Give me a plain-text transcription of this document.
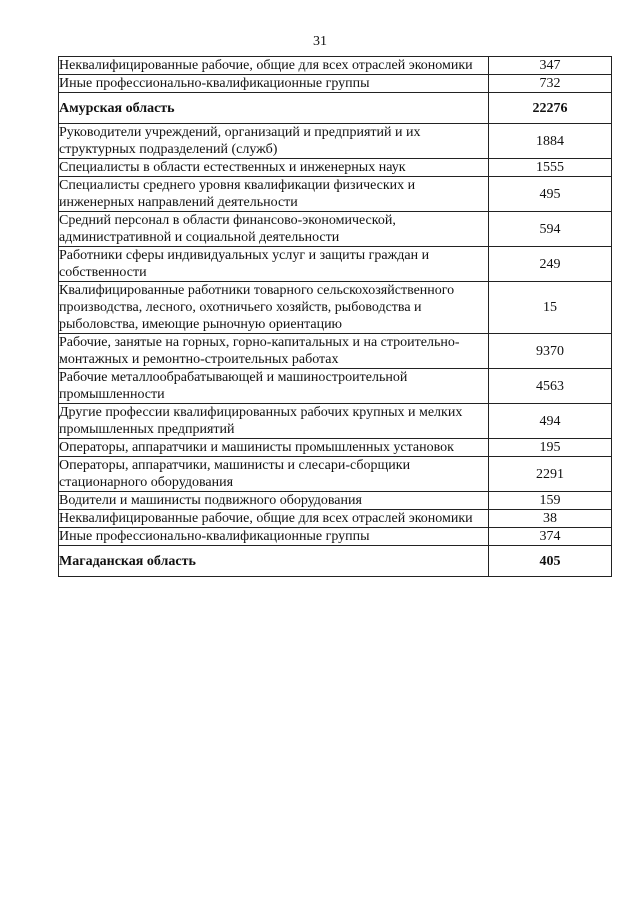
31
Неквалифицированные рабочие, общие для всех отраслей экономики	347
Иные профессионально-квалификационные группы	732
Амурская область	22276
Руководители учреждений, организаций и предприятий и их структурных подразделений (служб)	1884
Специалисты в области естественных и инженерных наук	1555
Специалисты среднего уровня квалификации физических и инженерных направлений деятельности	495
Средний персонал в области финансово-экономической, административной и социальной деятельности	594
Работники сферы индивидуальных услуг и защиты граждан и собственности	249
Квалифицированные работники товарного сельскохозяйственного производства, лесного, охотничьего хозяйств, рыбоводства и рыболовства, имеющие рыночную ориентацию	15
Рабочие, занятые на горных, горно-капитальных и на строительно-монтажных и ремонтно-строительных работах	9370
Рабочие металлообрабатывающей и машиностроительной промышленности	4563
Другие профессии квалифицированных рабочих крупных и мелких промышленных предприятий	494
Операторы, аппаратчики и машинисты промышленных установок	195
Операторы, аппаратчики, машинисты и слесари-сборщики стационарного оборудования	2291
Водители и машинисты подвижного оборудования	159
Неквалифицированные рабочие, общие для всех отраслей экономики	38
Иные профессионально-квалификационные группы	374
Магаданская область	405
